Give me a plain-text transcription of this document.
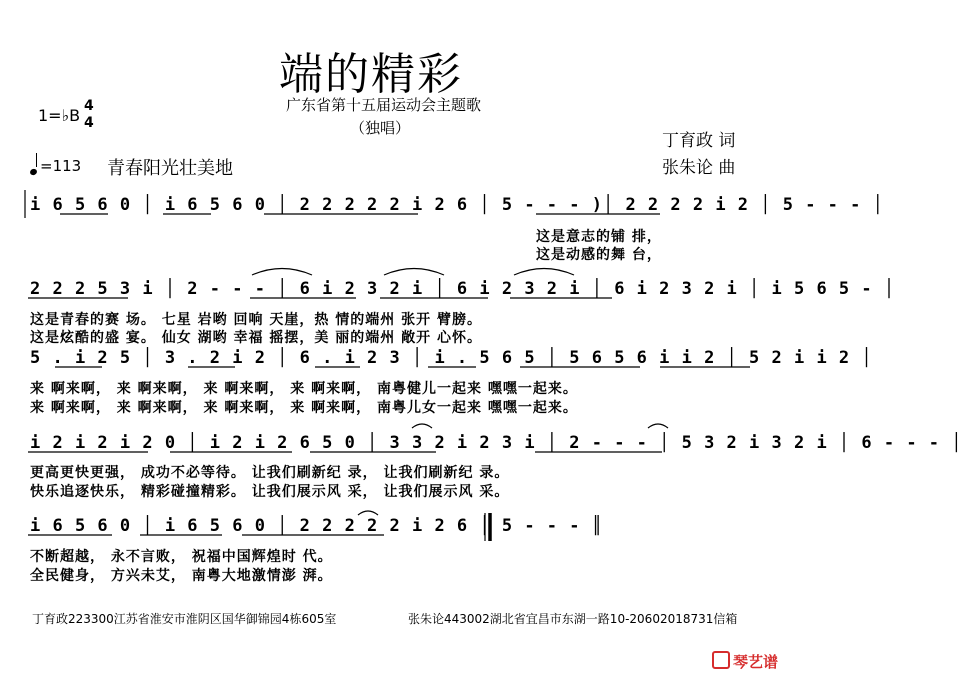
端的精彩
广东省第十五届运动会主题歌
（独唱）
1=♭B 4
4
丁育政 词
张朱论 曲
=113 青春阳光壮美地
i 6 5 6 0 │ i 6 5 6 0 │ 2 2 2 2 2 i 2 6 │ 5 - - - )│ 2 2 2 2 i 2 │ 5 - - - │
这是意志的铺 排，
这是动感的舞 台，
2 2 2 5 3 i │ 2 - - - │ 6 i 2 3 2 i │ 6 i 2 3 2 i │ 6 i 2 3 2 i │ i 5 6 5 - │
这是青春的赛 场。 七星 岩哟 回响 天崖，热 情的端州 张开 臂膀。
这是炫酷的盛 宴。 仙女 湖哟 幸福 摇摆，美 丽的端州 敞开 心怀。
5 . i 2 5 │ 3 . 2 i 2 │ 6 . i 2 3 │ i . 5 6 5 │ 5 6 5 6 i i 2 │ 5 2 i i 2 │
来 啊来啊， 来 啊来啊， 来 啊来啊， 来 啊来啊， 南粤健儿一起来 嘿嘿一起来。
来 啊来啊， 来 啊来啊， 来 啊来啊， 来 啊来啊， 南粤儿女一起来 嘿嘿一起来。
i 2 i 2 i 2 0 │ i 2 i 2 6 5 0 │ 3 3 2 i 2 3 i │ 2 - - - │ 5 3 2 i 3 2 i │ 6 - - - │
更高更快更强， 成功不必等待。 让我们刷新纪 录， 让我们刷新纪 录。
快乐追逐快乐， 精彩碰撞精彩。 让我们展示风 采， 让我们展示风 采。
i 6 5 6 0 │ i 6 5 6 0 │ 2 2 2 2 2 i 2 6 │ 5 - - - ║
不断超越， 永不言败， 祝福中国辉煌时 代。
全民健身， 方兴未艾， 南粤大地激情澎 湃。
丁育政223300江苏省淮安市淮阴区国华御锦园4栋605室	张朱论443002湖北省宜昌市东湖一路10-20602018731信箱
琴艺谱
